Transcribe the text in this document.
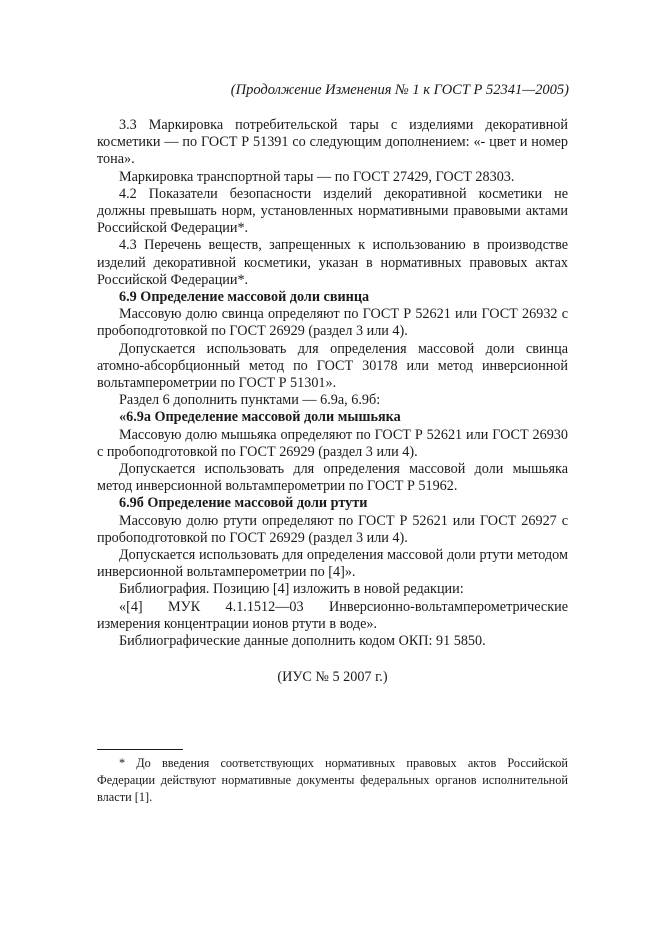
(Продолжение Изменения № 1 к ГОСТ Р 52341—2005)

3.3 Маркировка потребительской тары с изделиями декоративной косметики — по ГОСТ Р 51391 со следующим дополнением: «- цвет и номер тона».

Маркировка транспортной тары — по ГОСТ 27429, ГОСТ 28303.

4.2 Показатели безопасности изделий декоративной косметики не должны превышать норм, установленных нормативными правовыми актами Российской Федерации*.

4.3 Перечень веществ, запрещенных к использованию в производстве изделий декоративной косметики, указан в нормативных правовых актах Российской Федерации*.

6.9 Определение массовой доли свинца

Массовую долю свинца определяют по ГОСТ Р 52621 или ГОСТ 26932 с пробоподготовкой по ГОСТ 26929 (раздел 3 или 4).

Допускается использовать для определения массовой доли свинца атомно-абсорбционный метод по ГОСТ 30178 или метод инверсионной вольтамперометрии по ГОСТ Р 51301».

Раздел 6 дополнить пунктами — 6.9а, 6.9б:

«6.9а Определение массовой доли мышьяка

Массовую долю мышьяка определяют по ГОСТ Р 52621 или ГОСТ 26930 с пробоподготовкой по ГОСТ 26929 (раздел 3 или 4).

Допускается использовать для определения массовой доли мышьяка метод инверсионной вольтамперометрии по ГОСТ Р 51962.

6.9б Определение массовой доли ртути

Массовую долю ртути определяют по ГОСТ Р 52621 или ГОСТ 26927 с пробоподготовкой по ГОСТ 26929 (раздел 3 или 4).

Допускается использовать для определения массовой доли ртути методом инверсионной вольтамперометрии по [4]».

Библиография. Позицию [4] изложить в новой редакции:

«[4] МУК 4.1.1512—03 Инверсионно-вольтамперометрические измерения концентрации ионов ртути в воде».

Библиографические данные дополнить кодом ОКП: 91 5850.

(ИУС № 5 2007 г.)

* До введения соответствующих нормативных правовых актов Российской Федерации действуют нормативные документы федеральных органов исполнительной власти [1].
